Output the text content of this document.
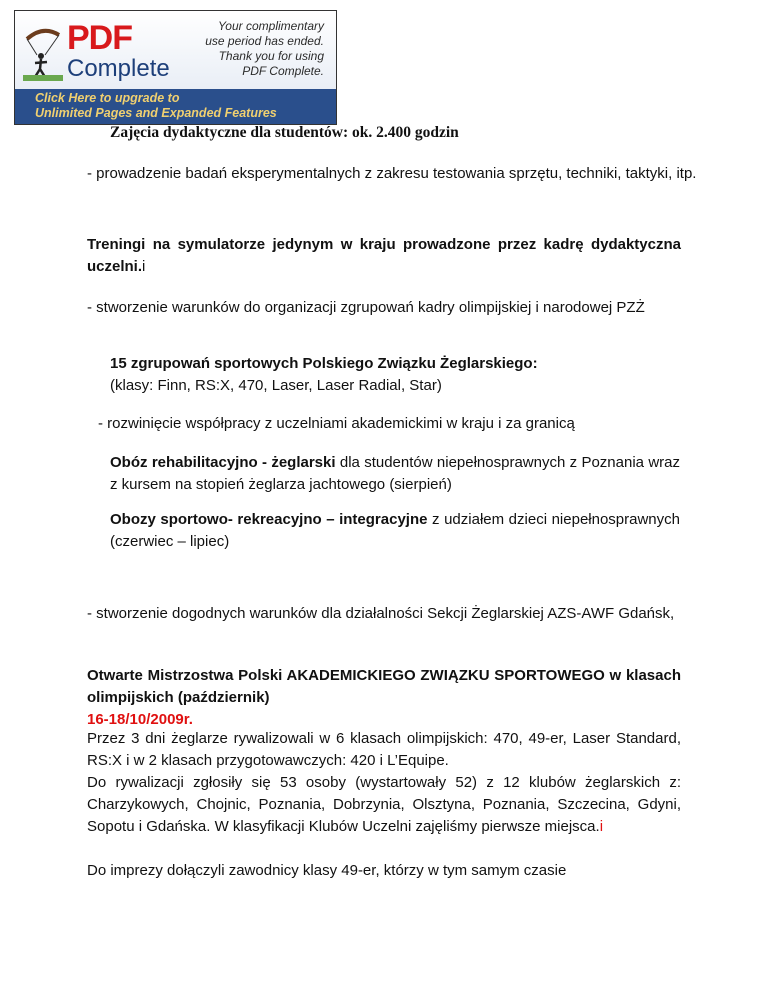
PDF
Complete
Your complimentary
use period has ended.
Thank you for using
PDF Complete.
Click Here to upgrade to
Unlimited Pages and Expanded Features

Zajęcia dydaktyczne dla studentów: ok. 2.400 godzin

- prowadzenie badań eksperymentalnych z zakresu testowania sprzętu, techniki, taktyki, itp.

Treningi na symulatorze jedynym w kraju prowadzone przez kadrę dydaktyczna uczelni.i

- stworzenie warunków do organizacji zgrupowań kadry olimpijskiej i narodowej PZŻ

15 zgrupowań sportowych Polskiego Związku Żeglarskiego:
(klasy: Finn, RS:X, 470, Laser, Laser Radial, Star)

- rozwinięcie współpracy z uczelniami akademickimi w kraju i za granicą

Obóz rehabilitacyjno - żeglarski dla studentów niepełnosprawnych z Poznania wraz z kursem na stopień żeglarza jachtowego (sierpień)

Obozy sportowo- rekreacyjno – integracyjne z udziałem dzieci niepełnosprawnych (czerwiec – lipiec)

- stworzenie dogodnych warunków dla działalności Sekcji Żeglarskiej AZS-AWF Gdańsk,

Otwarte Mistrzostwa Polski AKADEMICKIEGO ZWIĄZKU SPORTOWEGO w klasach olimpijskich (październik)
16-18/10/2009r.

Przez 3 dni żeglarze rywalizowali w 6 klasach olimpijskich: 470, 49-er, Laser Standard, RS:X i w 2 klasach przygotowawczych: 420 i L’Equipe.

Do rywalizacji zgłosiły się 53 osoby (wystartowały 52) z 12 klubów żeglarskich z: Charzykowych, Chojnic, Poznania, Dobrzynia, Olsztyna, Poznania, Szczecina, Gdyni, Sopotu i Gdańska. W klasyfikacji Klubów Uczelni zajęliśmy pierwsze miejsca.i

Do imprezy dołączyli zawodnicy klasy 49-er, którzy w tym samym czasie
